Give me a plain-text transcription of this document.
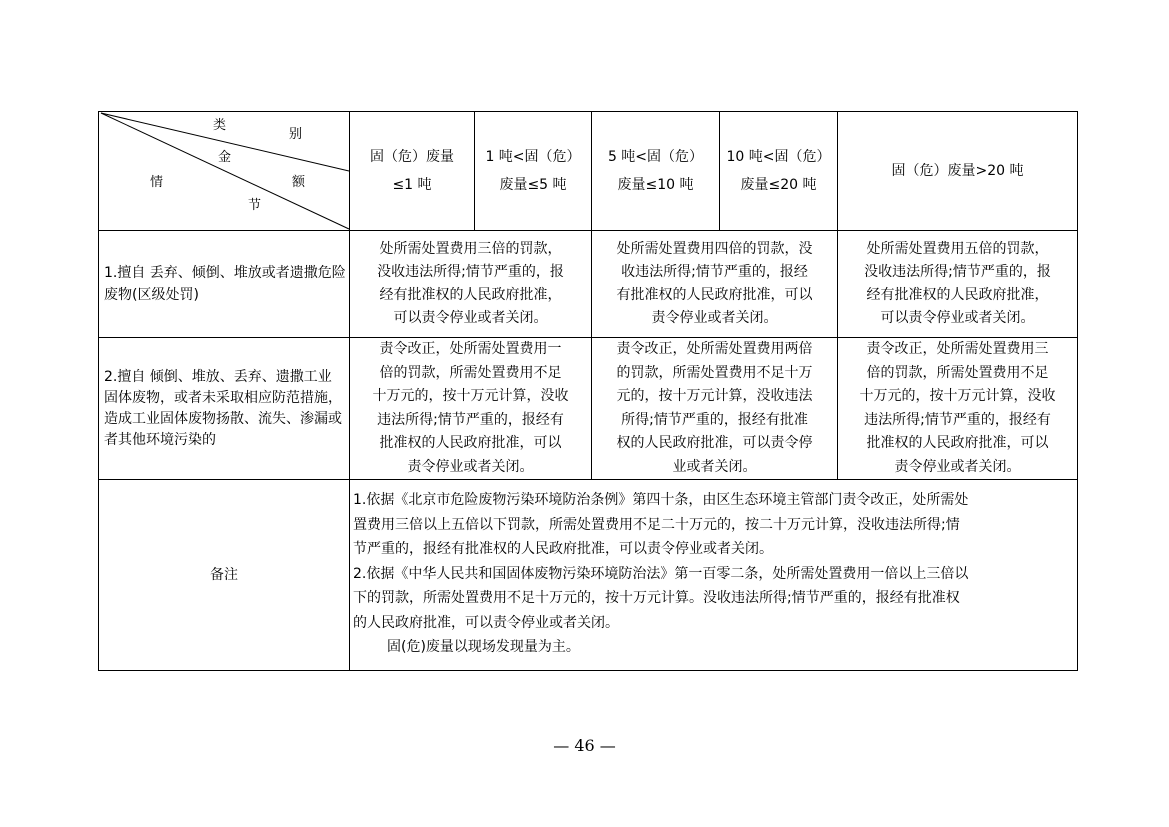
类
别
金
额
情
节
固（危）废量
≤1 吨
1 吨<固（危）
废量≤5 吨
5 吨<固（危）
废量≤10 吨
10 吨<固（危）
废量≤20 吨
固（危）废量>20 吨
1.擅自 丢弃、倾倒、堆放或者遗撒危险废物(区级处罚)
处所需处置费用三倍的罚款，
没收违法所得;情节严重的，报
经有批准权的人民政府批准，
可以责令停业或者关闭。
处所需处置费用四倍的罚款，没
收违法所得;情节严重的，报经
有批准权的人民政府批准，可以
责令停业或者关闭。
处所需处置费用五倍的罚款，
没收违法所得;情节严重的，报
经有批准权的人民政府批准，
可以责令停业或者关闭。
2.擅自 倾倒、堆放、丢弃、遗撒工业固体废物，或者未采取相应防范措施，造成工业固体废物扬散、流失、渗漏或者其他环境污染的
责令改正，处所需处置费用一
倍的罚款，所需处置费用不足
十万元的，按十万元计算，没收
违法所得;情节严重的，报经有
批准权的人民政府批准，可以
责令停业或者关闭。
责令改正，处所需处置费用两倍
的罚款，所需处置费用不足十万
元的，按十万元计算，没收违法
所得;情节严重的，报经有批准
权的人民政府批准，可以责令停
业或者关闭。
责令改正，处所需处置费用三
倍的罚款，所需处置费用不足
十万元的，按十万元计算，没收
违法所得;情节严重的，报经有
批准权的人民政府批准，可以
责令停业或者关闭。
备注
1.依据《北京市危险废物污染环境防治条例》第四十条，由区生态环境主管部门责令改正，处所需处
置费用三倍以上五倍以下罚款，所需处置费用不足二十万元的，按二十万元计算，没收违法所得;情
节严重的，报经有批准权的人民政府批准，可以责令停业或者关闭。
2.依据《中华人民共和国固体废物污染环境防治法》第一百零二条，处所需处置费用一倍以上三倍以
下的罚款，所需处置费用不足十万元的，按十万元计算。没收违法所得;情节严重的，报经有批准权
的人民政府批准，可以责令停业或者关闭。
固(危)废量以现场发现量为主。
— 46 —
